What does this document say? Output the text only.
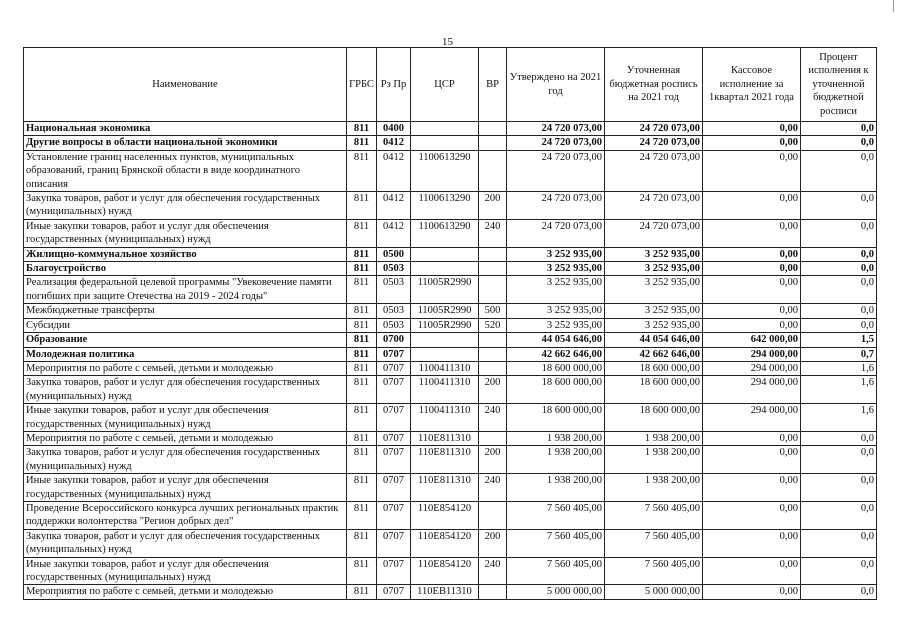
15
Наименование	ГРБС	Рз Пр	ЦСР	ВР	Утверждено на 2021 год	Уточненная бюджетная роспись на 2021 год	Кассовое исполнение за 1квартал 2021 года	Процент исполнения к уточненной бюджетной росписи
Национальная экономика	811	0400			24 720 073,00	24 720 073,00	0,00	0,0
Другие вопросы в области национальной экономики	811	0412			24 720 073,00	24 720 073,00	0,00	0,0
Установление границ населенных пунктов, муниципальных образований, границ Брянской области в виде координатного описания	811	0412	1100613290		24 720 073,00	24 720 073,00	0,00	0,0
Закупка товаров, работ и услуг для обеспечения государственных (муниципальных) нужд	811	0412	1100613290	200	24 720 073,00	24 720 073,00	0,00	0,0
Иные закупки товаров, работ и услуг для обеспечения государственных (муниципальных) нужд	811	0412	1100613290	240	24 720 073,00	24 720 073,00	0,00	0,0
Жилищно-коммунальное хозяйство	811	0500			3 252 935,00	3 252 935,00	0,00	0,0
Благоустройство	811	0503			3 252 935,00	3 252 935,00	0,00	0,0
Реализация федеральной целевой программы "Увековечение памяти погибших при защите Отечества на 2019 - 2024 годы"	811	0503	11005R2990		3 252 935,00	3 252 935,00	0,00	0,0
Межбюджетные трансферты	811	0503	11005R2990	500	3 252 935,00	3 252 935,00	0,00	0,0
Субсидии	811	0503	11005R2990	520	3 252 935,00	3 252 935,00	0,00	0,0
Образование	811	0700			44 054 646,00	44 054 646,00	642 000,00	1,5
Молодежная политика	811	0707			42 662 646,00	42 662 646,00	294 000,00	0,7
Мероприятия по работе с семьей, детьми и молодежью	811	0707	1100411310		18 600 000,00	18 600 000,00	294 000,00	1,6
Закупка товаров, работ и услуг для обеспечения государственных (муниципальных) нужд	811	0707	1100411310	200	18 600 000,00	18 600 000,00	294 000,00	1,6
Иные закупки товаров, работ и услуг для обеспечения государственных (муниципальных) нужд	811	0707	1100411310	240	18 600 000,00	18 600 000,00	294 000,00	1,6
Мероприятия по работе с семьей, детьми и молодежью	811	0707	110E811310		1 938 200,00	1 938 200,00	0,00	0,0
Закупка товаров, работ и услуг для обеспечения государственных (муниципальных) нужд	811	0707	110E811310	200	1 938 200,00	1 938 200,00	0,00	0,0
Иные закупки товаров, работ и услуг для обеспечения государственных (муниципальных) нужд	811	0707	110E811310	240	1 938 200,00	1 938 200,00	0,00	0,0
Проведение Всероссийского конкурса лучших региональных практик поддержки волонтерства "Регион добрых дел"	811	0707	110E854120		7 560 405,00	7 560 405,00	0,00	0,0
Закупка товаров, работ и услуг для обеспечения государственных (муниципальных) нужд	811	0707	110E854120	200	7 560 405,00	7 560 405,00	0,00	0,0
Иные закупки товаров, работ и услуг для обеспечения государственных (муниципальных) нужд	811	0707	110E854120	240	7 560 405,00	7 560 405,00	0,00	0,0
Мероприятия по работе с семьей, детьми и молодежью	811	0707	110EB11310		5 000 000,00	5 000 000,00	0,00	0,0
